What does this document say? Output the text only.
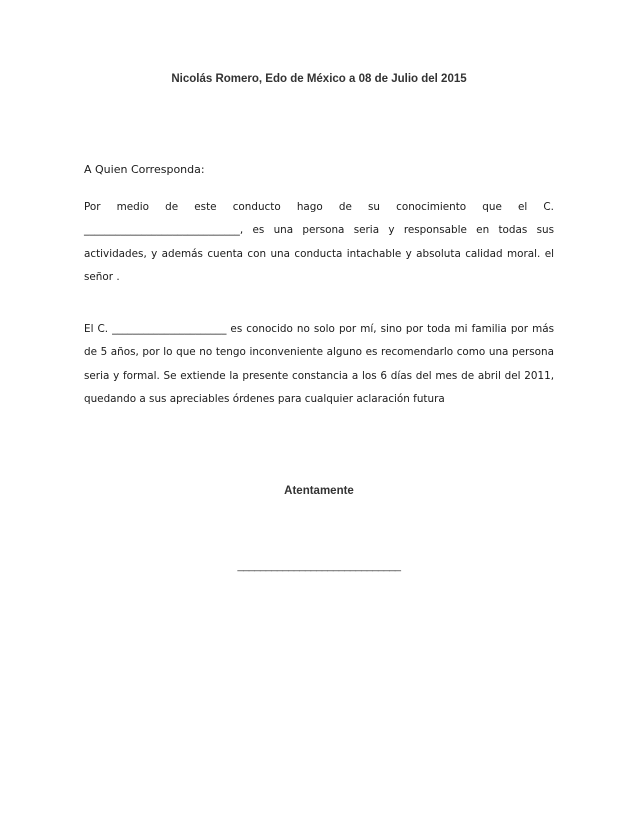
Nicolás Romero, Edo de México a 08 de Julio del 2015
A Quien Corresponda:
Por medio de este conducto hago de su conocimiento que el C. ______________________________, es una persona seria y responsable en todas sus actividades, y además cuenta con una conducta intachable y absoluta calidad moral. el señor .
El C. ______________________ es conocido no solo por mí, sino por toda mi familia por más de 5 años, por lo que no tengo inconveniente alguno es recomendarlo como una persona seria y formal. Se extiende la presente constancia a los 6 días del mes de abril del 2011, quedando a sus apreciables órdenes para cualquier aclaración futura
Atentamente
_____________________________
